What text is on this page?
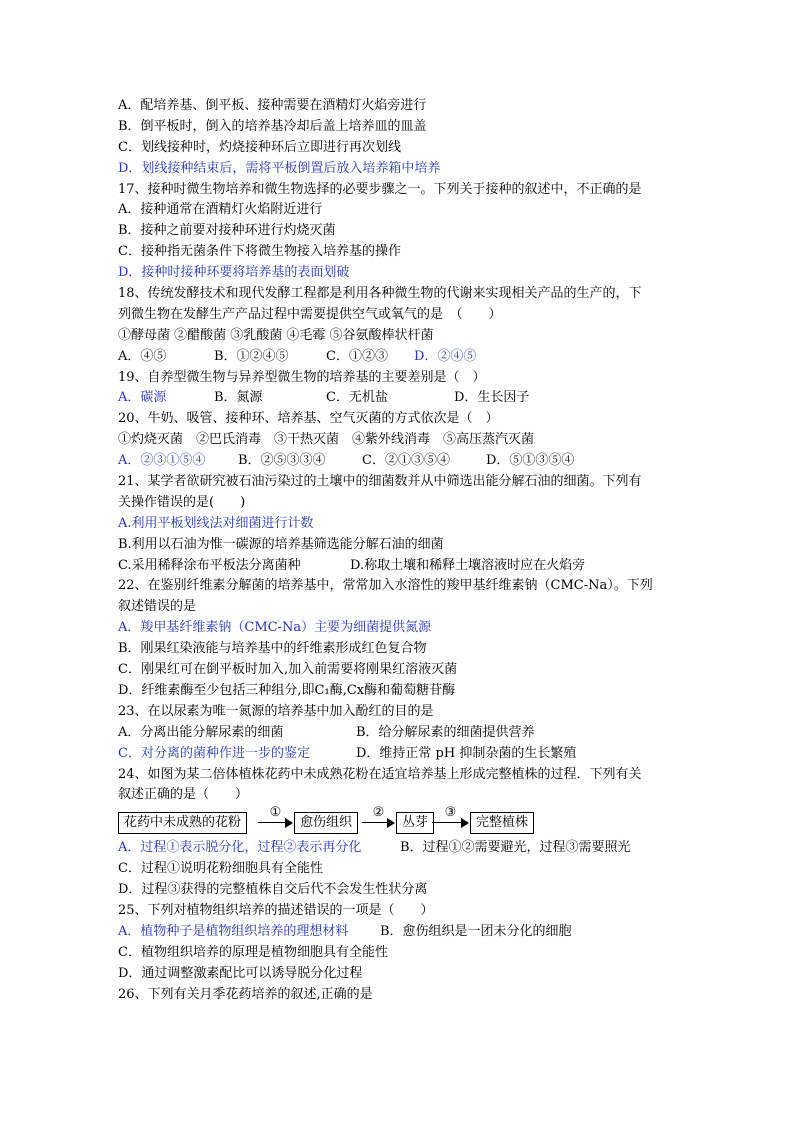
A．配培养基、倒平板、接种需要在酒精灯火焰旁进行
B．倒平板时，倒入的培养基冷却后盖上培养皿的皿盖
C．划线接种时，灼烧接种环后立即进行再次划线
D．划线接种结束后，需将平板倒置后放入培养箱中培养
17、接种时微生物培养和微生物选择的必要步骤之一。下列关于接种的叙述中，不正确的是
A．接种通常在酒精灯火焰附近进行
B．接种之前要对接种环进行灼烧灭菌
C．接种指无菌条件下将微生物接入培养基的操作
D．接种时接种环要将培养基的表面划破
18、传统发酵技术和现代发酵工程都是利用各种微生物的代谢来实现相关产品的生产的，下
列微生物在发酵生产产品过程中需要提供空气或氧气的是　（　　）
①酵母菌 ②醋酸菌 ③乳酸菌 ④毛霉 ⑤谷氨酸棒状杆菌
A．④⑤	B．①②④⑤	C．①②③	D．②④⑤
19、自养型微生物与异养型微生物的培养基的主要差别是（　）
A．碳源	B．氮源	C．无机盐	D．生长因子
20、牛奶、吸管、接种环、培养基、空气灭菌的方式依次是（　）
①灼烧灭菌　②巴氏消毒　③干热灭菌　④紫外线消毒　⑤高压蒸汽灭菌
A．②③①⑤④	B．②⑤③③④	C．②①③⑤④	D．⑤①③⑤④
21、某学者欲研究被石油污染过的土壤中的细菌数并从中筛选出能分解石油的细菌。下列有
关操作错误的是(　　)
A.利用平板划线法对细菌进行计数
B.利用以石油为惟一碳源的培养基筛选能分解石油的细菌
C.采用稀释涂布平板法分离菌种	D.称取土壤和稀释土壤溶液时应在火焰旁
22、在鉴别纤维素分解菌的培养基中，常常加入水溶性的羧甲基纤维素钠（CMC-Na）。下列
叙述错误的是
A．羧甲基纤维素钠（CMC-Na）主要为细菌提供氮源
B．刚果红染液能与培养基中的纤维素形成红色复合物
C．刚果红可在倒平板时加入,加入前需要将刚果红溶液灭菌
D．纤维素酶至少包括三种组分,即C₁酶,Cx酶和葡萄糖苷酶
23、在以尿素为唯一氮源的培养基中加入酚红的目的是
A．分离出能分解尿素的细菌	B．给分解尿素的细菌提供营养
C．对分离的菌种作进一步的鉴定	D．维持正常 pH 抑制杂菌的生长繁殖
24、如图为某二倍体植株花药中未成熟花粉在适宜培养基上形成完整植株的过程．下列有关
叙述正确的是（　　）
花药中未成熟的花粉	愈伤组织	丛芽	完整植株
①	②	③
A．过程①表示脱分化，过程②表示再分化	B．过程①②需要避光，过程③需要照光
C．过程①说明花粉细胞具有全能性
D．过程③获得的完整植株自交后代不会发生性状分离
25、下列对植物组织培养的描述错误的一项是（　　）
A．植物种子是植物组织培养的理想材料	B．愈伤组织是一团未分化的细胞
C．植物组织培养的原理是植物细胞具有全能性
D．通过调整激素配比可以诱导脱分化过程
26、下列有关月季花药培养的叙述,正确的是
